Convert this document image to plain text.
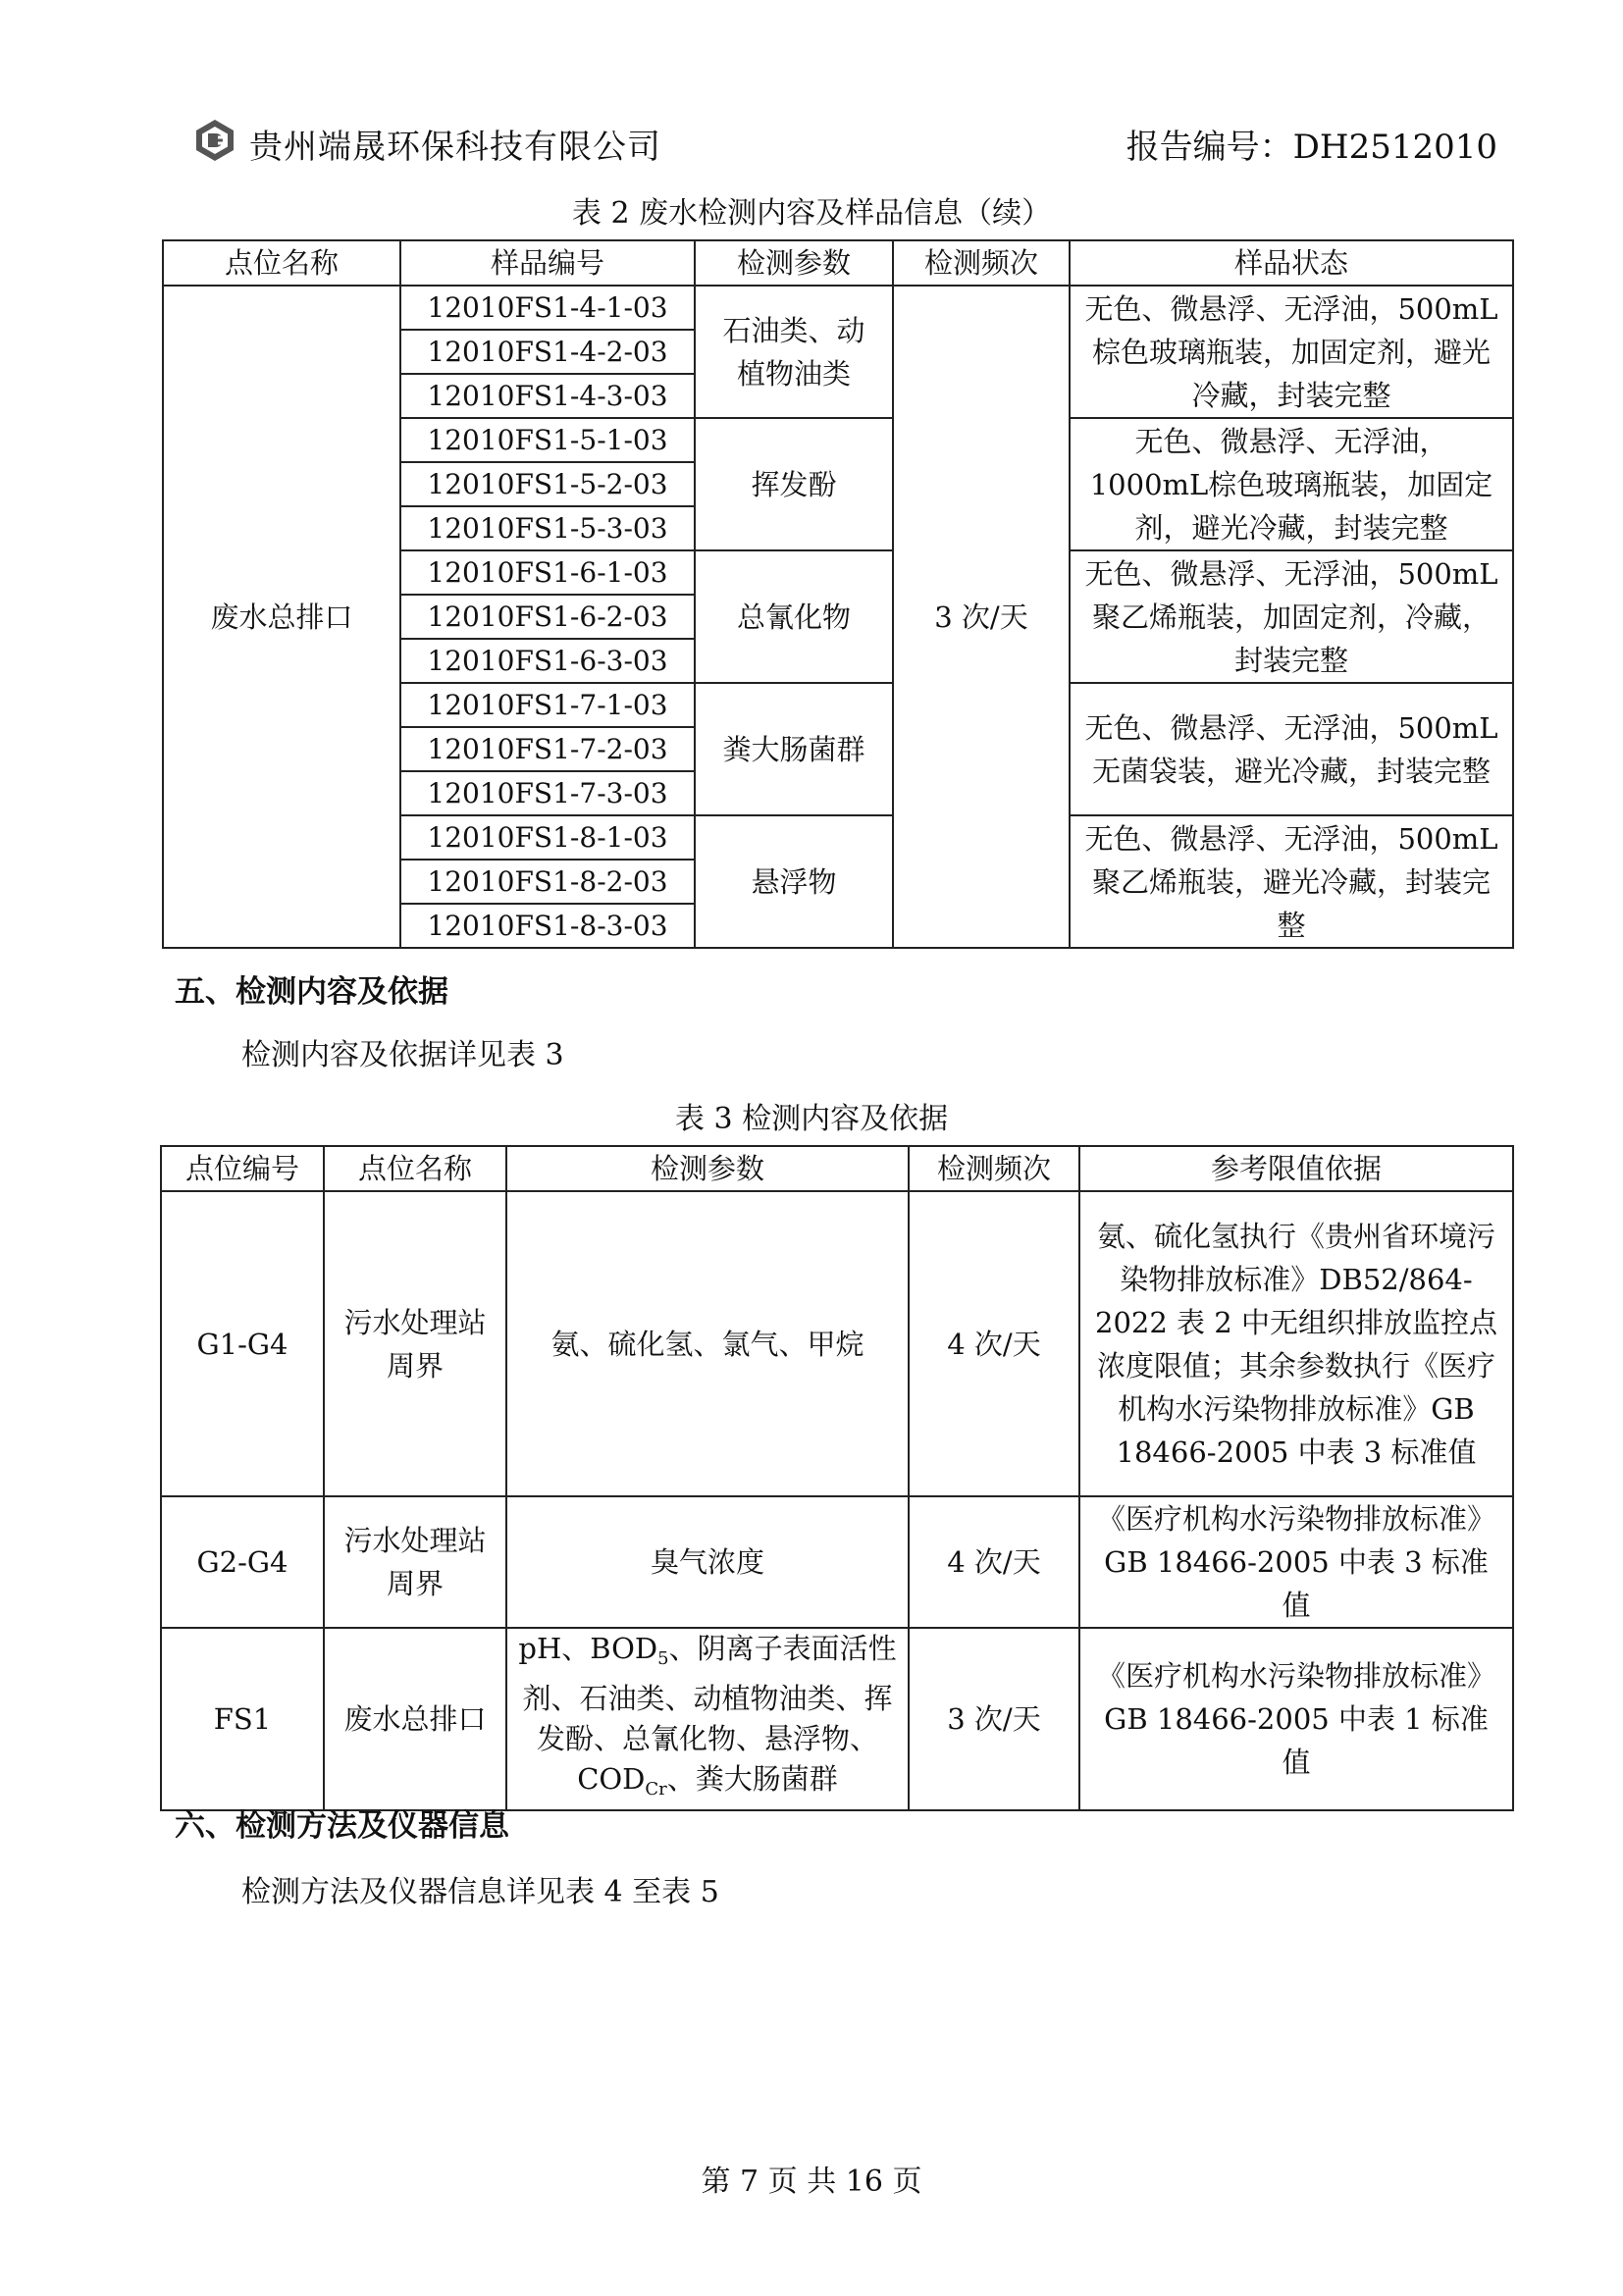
贵州端晟环保科技有限公司	报告编号：DH2512010
表 2 废水检测内容及样品信息（续）
点位名称	样品编号	检测参数	检测频次	样品状态
废水总排口	12010FS1-4-1-03	石油类、动植物油类	3 次/天	无色、微悬浮、无浮油，500mL棕色玻璃瓶装，加固定剂，避光冷藏，封装完整
	12010FS1-4-2-03			
	12010FS1-4-3-03			
	12010FS1-5-1-03	挥发酚		无色、微悬浮、无浮油，1000mL棕色玻璃瓶装，加固定剂，避光冷藏，封装完整
	12010FS1-5-2-03			
	12010FS1-5-3-03			
	12010FS1-6-1-03	总氰化物		无色、微悬浮、无浮油，500mL聚乙烯瓶装，加固定剂，冷藏，封装完整
	12010FS1-6-2-03			
	12010FS1-6-3-03			
	12010FS1-7-1-03	粪大肠菌群		无色、微悬浮、无浮油，500mL无菌袋装，避光冷藏，封装完整
	12010FS1-7-2-03			
	12010FS1-7-3-03			
	12010FS1-8-1-03	悬浮物		无色、微悬浮、无浮油，500mL聚乙烯瓶装，避光冷藏，封装完整
	12010FS1-8-2-03			
	12010FS1-8-3-03			
五、检测内容及依据
检测内容及依据详见表 3
表 3 检测内容及依据
点位编号	点位名称	检测参数	检测频次	参考限值依据
G1-G4	污水处理站周界	氨、硫化氢、氯气、甲烷	4 次/天	氨、硫化氢执行《贵州省环境污染物排放标准》DB52/864-2022 表 2 中无组织排放监控点浓度限值；其余参数执行《医疗机构水污染物排放标准》GB 18466-2005 中表 3 标准值
G2-G4	污水处理站周界	臭气浓度	4 次/天	《医疗机构水污染物排放标准》GB 18466-2005 中表 3 标准值
FS1	废水总排口	pH、$BOD_5$、阴离子表面活性剂、石油类、动植物油类、挥发酚、总氰化物、悬浮物、$COD_{Cr}$、粪大肠菌群	3 次/天	《医疗机构水污染物排放标准》GB 18466-2005 中表 1 标准值
六、检测方法及仪器信息
检测方法及仪器信息详见表 4 至表 5
第 7 页 共 16 页
